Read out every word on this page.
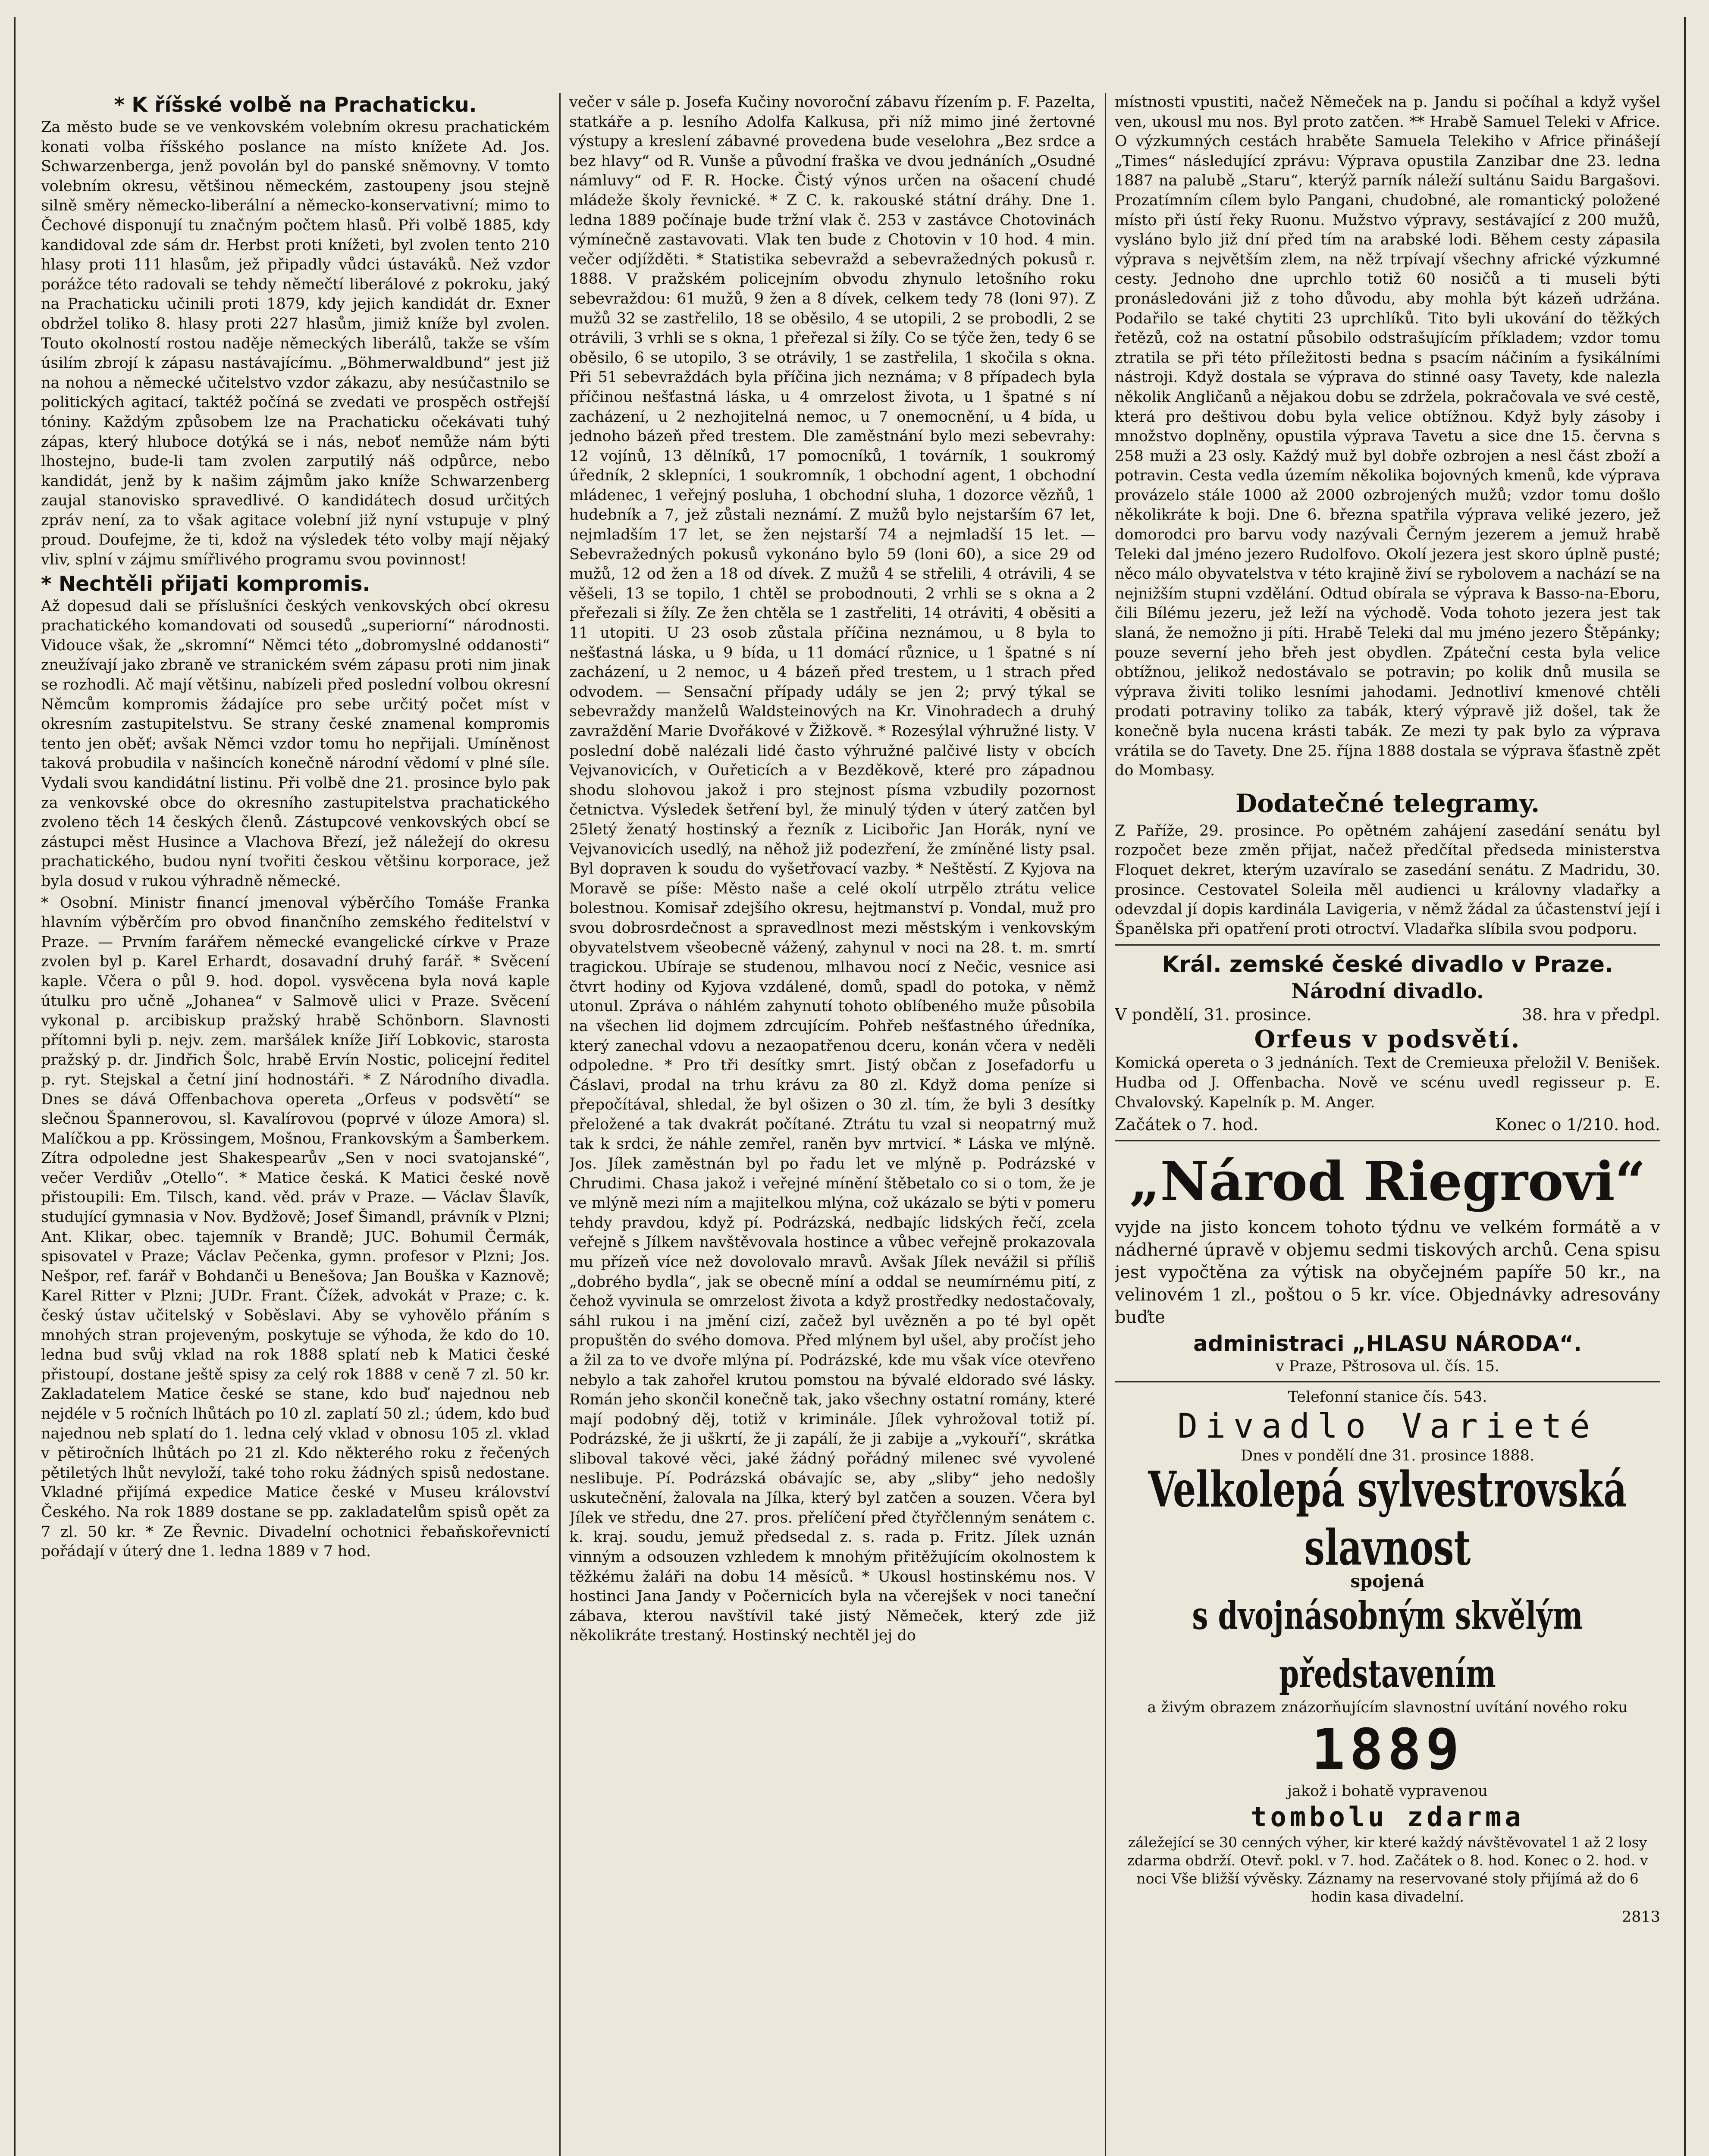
* K říšské volbě na Prachaticku.

Za město bude se ve venkovském volebním okresu prachatickém konati volba říšského poslance na místo knížete Ad. Jos. Schwarzenberga, jenž povolán byl do panské sněmovny. V tomto volebním okresu, většinou německém, zastoupeny jsou stejně silně směry německo-liberální a německo-konservativní; mimo to Čechové disponují tu značným počtem hlasů. Při volbě 1885, kdy kandidoval zde sám dr. Herbst proti knížeti, byl zvolen tento 210 hlasy proti 111 hlasům, jež připadly vůdci ústaváků. Než vzdor porážce této radovali se tehdy němečtí liberálové z pokroku, jaký na Prachaticku učinili proti 1879, kdy jejich kandidát dr. Exner obdržel toliko 8. hlasy proti 227 hlasům, jimiž kníže byl zvolen. Touto okolností rostou naděje německých liberálů, takže se vším úsilím zbrojí k zápasu nastávajícímu. „Böhmerwaldbund“ jest již na nohou a německé učitelstvo vzdor zákazu, aby nesúčastnilo se politických agitací, taktéž počíná se zvedati ve prospěch ostřejší tóniny. Každým způsobem lze na Prachaticku očekávati tuhý zápas, který hluboce dotýká se i nás, neboť nemůže nám býti lhostejno, bude-li tam zvolen zarputilý náš odpůrce, nebo kandidát, jenž by k našim zájmům jako kníže Schwarzenberg zaujal stanovisko spravedlivé. O kandidátech dosud určitých zpráv není, za to však agitace volební již nyní vstupuje v plný proud. Doufejme, že ti, kdož na výsledek této volby mají nějaký vliv, splní v zájmu smířlivého programu svou povinnost!

* Nechtěli přijati kompromis.

Až dopesud dali se příslušníci českých venkovských obcí okresu prachatického komandovati od sousedů „superiorní“ národnosti. Vidouce však, že „skromní“ Němci této „dobromyslné oddanosti“ zneužívají jako zbraně ve stranickém svém zápasu proti nim jinak se rozhodli. Ač mají většinu, nabízeli před poslední volbou okresní Němcům kompromis žádajíce pro sebe určitý počet míst v okresním zastupitelstvu. Se strany české znamenal kompromis tento jen oběť; avšak Němci vzdor tomu ho nepřijali. Umíněnost taková probudila v našincích konečně národní vědomí v plné síle. Vydali svou kandidátní listinu. Při volbě dne 21. prosince bylo pak za venkovské obce do okresního zastupitelstva prachatického zvoleno těch 14 českých členů. Zástupcové venkovských obcí se zástupci měst Husince a Vlachova Březí, jež náležejí do okresu prachatického, budou nyní tvořiti českou většinu korporace, jež byla dosud v rukou výhradně německé.

* Osobní. Ministr financí jmenoval výběrčího Tomáše Franka hlavním výběrčím pro obvod finančního zemského ředitelství v Praze. — Prvním farářem německé evangelické církve v Praze zvolen byl p. Karel Erhardt, dosavadní druhý farář. * Svěcení kaple. Včera o půl 9. hod. dopol. vysvěcena byla nová kaple útulku pro učně „Johanea“ v Salmově ulici v Praze. Svěcení vykonal p. arcibiskup pražský hrabě Schönborn. Slavnosti přítomni byli p. nejv. zem. maršálek kníže Jiří Lobkovic, starosta pražský p. dr. Jindřich Šolc, hrabě Ervín Nostic, policejní ředitel p. ryt. Stejskal a četní jiní hodnostáři. * Z Národního divadla. Dnes se dává Offenbachova opereta „Orfeus v podsvětí“ se slečnou Špannerovou, sl. Kavalírovou (poprvé v úloze Amora) sl. Malíčkou a pp. Krössingem, Mošnou, Frankovským a Šamberkem. Zítra odpoledne jest Shakespearův „Sen v noci svatojanské“, večer Verdiův „Otello“. * Matice česká. K Matici české nově přistoupili: Em. Tilsch, kand. věd. práv v Praze. — Václav Šlavík, studující gymnasia v Nov. Bydžově; Josef Šimandl, právník v Plzni; Ant. Klikar, obec. tajemník v Brandě; JUC. Bohumil Čermák, spisovatel v Praze; Václav Pečenka, gymn. profesor v Plzni; Jos. Nešpor, ref. farář v Bohdanči u Benešova; Jan Bouška v Kaznově; Karel Ritter v Plzni; JUDr. Frant. Čížek, advokát v Praze; c. k. český ústav učitelský v Soběslavi. Aby se vyhovělo přáním s mnohých stran projeveným, poskytuje se výhoda, že kdo do 10. ledna bud svůj vklad na rok 1888 splatí neb k Matici české přistoupí, dostane ještě spisy za celý rok 1888 v ceně 7 zl. 50 kr. Zakladatelem Matice české se stane, kdo buď najednou neb nejdéle v 5 ročních lhůtách po 10 zl. zaplatí 50 zl.; údem, kdo buď najednou neb splatí do 1. ledna celý vklad v obnosu 105 zl. vklad v pětiročních lhůtách po 21 zl. Kdo některého roku z řečených pětiletých lhůt nevyloží, také toho roku žádných spisů nedostane. Vkladné přijímá expedice Matice české v Museu království Českého. Na rok 1889 dostane se pp. zakladatelům spisů opět za 7 zl. 50 kr. * Ze Řevnic. Divadelní ochotnici řebaňskořevnictí pořádají v úterý dne 1. ledna 1889 v 7 hod.

večer v sále p. Josefa Kučiny novoroční zábavu řízením p. F. Pazelta, statkáře a p. lesního Adolfa Kalkusa, při níž mimo jiné žertovné výstupy a kreslení zábavné provedena bude veselohra „Bez srdce a bez hlavy“ od R. Vunše a původní fraška ve dvou jednáních „Osudné námluvy“ od F. R. Hocke. Čistý výnos určen na ošacení chudé mládeže školy řevnické. * Z C. k. rakouské státní dráhy. Dne 1. ledna 1889 počínaje bude tržní vlak č. 253 v zastávce Chotovinách výmínečně zastavovati. Vlak ten bude z Chotovin v 10 hod. 4 min. večer odjížděti. * Statistika sebevražd a sebevražedných pokusů r. 1888. V pražském policejním obvodu zhynulo letošního roku sebevraždou: 61 mužů, 9 žen a 8 dívek, celkem tedy 78 (loni 97). Z mužů 32 se zastřelilo, 18 se oběsilo, 4 se utopili, 2 se probodli, 2 se otrávili, 3 vrhli se s okna, 1 přeřezal si žíly. Co se týče žen, tedy 6 se oběsilo, 6 se utopilo, 3 se otrávily, 1 se zastřelila, 1 skočila s okna. Při 51 sebevraždách byla příčina jich neznáma; v 8 případech byla příčinou nešťastná láska, u 4 omrzelost života, u 1 špatné s ní zacházení, u 2 nezhojitelná nemoc, u 7 onemocnění, u 4 bída, u jednoho bázeň před trestem. Dle zaměstnání bylo mezi sebevrahy: 12 vojínů, 13 dělníků, 17 pomocníků, 1 továrník, 1 soukromý úředník, 2 sklepníci, 1 soukromník, 1 obchodní agent, 1 obchodní mládenec, 1 veřejný posluha, 1 obchodní sluha, 1 dozorce vězňů, 1 hudebník a 7, jež zůstali neznámí. Z mužů bylo nejstarším 67 let, nejmladším 17 let, se žen nejstarší 74 a nejmladší 15 let. — Sebevražedných pokusů vykonáno bylo 59 (loni 60), a sice 29 od mužů, 12 od žen a 18 od dívek. Z mužů 4 se střelili, 4 otrávili, 4 se věšeli, 13 se topilo, 1 chtěl se probodnouti, 2 vrhli se s okna a 2 přeřezali si žíly. Ze žen chtěla se 1 zastřeliti, 14 otráviti, 4 oběsiti a 11 utopiti. U 23 osob zůstala příčina neznámou, u 8 byla to nešťastná láska, u 9 bída, u 11 domácí různice, u 1 špatné s ní zacházení, u 2 nemoc, u 4 bázeň před trestem, u 1 strach před odvodem. — Sensační případy udály se jen 2; prvý týkal se sebevraždy manželů Waldsteinových na Kr. Vinohradech a druhý zavraždění Marie Dvořákové v Žižkově. * Rozesýlal výhružné listy. V poslední době nalézali lidé často výhružné palčivé listy v obcích Vejvanovicích, v Ouřeticích a v Bezděkově, které pro západnou shodu slohovou jakož i pro stejnost písma vzbudily pozornost četnictva. Výsledek šetření byl, že minulý týden v úterý zatčen byl 25letý ženatý hostinský a řezník z Licibořic Jan Horák, nyní ve Vejvanovicích usedlý, na něhož již podezření, že zmíněné listy psal. Byl dopraven k soudu do vyšetřovací vazby. * Neštěstí. Z Kyjova na Moravě se píše: Město naše a celé okolí utrpělo ztrátu velice bolestnou. Komisař zdejšího okresu, hejtmanství p. Vondal, muž pro svou dobrosrdečnost a spravedlnost mezi městským i venkovským obyvatelstvem všeobecně vážený, zahynul v noci na 28. t. m. smrtí tragickou. Ubíraje se studenou, mlhavou nocí z Nečic, vesnice asi čtvrt hodiny od Kyjova vzdálené, domů, spadl do potoka, v němž utonul. Zpráva o náhlém zahynutí tohoto oblíbeného muže působila na všechen lid dojmem zdrcujícím. Pohřeb nešťastného úředníka, který zanechal vdovu a nezaopatřenou dceru, konán včera v neděli odpoledne. * Pro tři desítky smrt. Jistý občan z Josefadorfu u Čáslavi, prodal na trhu krávu za 80 zl. Když doma peníze si přepočítával, shledal, že byl ošizen o 30 zl. tím, že byli 3 desítky přeložené a tak dvakrát počítané. Ztrátu tu vzal si neopatrný muž tak k srdci, že náhle zemřel, raněn byv mrtvicí. * Láska ve mlýně. Jos. Jílek zaměstnán byl po řadu let ve mlýně p. Podrázské v Chrudimi. Chasa jakož i veřejné mínění štěbetalo co si o tom, že je ve mlýně mezi ním a majitelkou mlýna, což ukázalo se býti v pomeru tehdy pravdou, když pí. Podrázská, nedbajíc lidských řečí, zcela veřejně s Jílkem navštěvovala hostince a vůbec veřejně prokazovala mu přízeň více než dovolovalo mravů. Avšak Jílek nevážil si příliš „dobrého bydla“, jak se obecně míní a oddal se neumírnému pití, z čehož vyvinula se omrzelost života a když prostředky nedostačovaly, sáhl rukou i na jmění cizí, začež byl uvězněn a po té byl opět propuštěn do svého domova. Před mlýnem byl ušel, aby pročíst jeho a žil za to ve dvoře mlýna pí. Podrázské, kde mu však více otevřeno nebylo a tak zahořel krutou pomstou na bývalé eldorado své lásky. Román jeho skončil konečně tak, jako všechny ostatní romány, které mají podobný děj, totiž v kriminále. Jílek vyhrožoval totiž pí. Podrázské, že ji uškrtí, že ji zapálí, že ji zabije a „vykouří“, skrátka sliboval takové věci, jaké žádný pořádný milenec své vyvolené neslibuje. Pí. Podrázská obávajíc se, aby „sliby“ jeho nedošly uskutečnění, žalovala na Jílka, který byl zatčen a souzen. Včera byl Jílek ve středu, dne 27. pros. přelíčení před čtyřčlenným senátem c. k. kraj. soudu, jemuž předsedal z. s. rada p. Fritz. Jílek uznán vinným a odsouzen vzhledem k mnohým přitěžujícím okolnostem k těžkému žaláři na dobu 14 měsíců. * Ukousl hostinskému nos. V hostinci Jana Jandy v Počernicích byla na včerejšek v noci taneční zábava, kterou navštívil také jistý Němeček, který zde již několikráte trestaný. Hostinský nechtěl jej do

místnosti vpustiti, načež Němeček na p. Jandu si počíhal a když vyšel ven, ukousl mu nos. Byl proto zatčen. ** Hrabě Samuel Teleki v Africe. O výzkumných cestách hraběte Samuela Telekiho v Africe přinášejí „Times“ následující zprávu: Výprava opustila Zanzibar dne 23. ledna 1887 na palubě „Staru“, kterýž parník náleží sultánu Saidu Bargašovi. Prozatímním cílem bylo Pangani, chudobné, ale romantický položené místo při ústí řeky Ruonu. Mužstvo výpravy, sestávající z 200 mužů, vysláno bylo již dní před tím na arabské lodi. Během cesty zápasila výprava s největším zlem, na něž trpívají všechny africké výzkumné cesty. Jednoho dne uprchlo totiž 60 nosičů a ti museli býti pronásledováni již z toho důvodu, aby mohla být kázeň udržána. Podařilo se také chytiti 23 uprchlíků. Tito byli ukování do těžkých řetězů, což na ostatní působilo odstrašujícím příkladem; vzdor tomu ztratila se při této příležitosti bedna s psacím náčiním a fysikálními nástroji. Když dostala se výprava do stinné oasy Tavety, kde nalezla několik Angličanů a nějakou dobu se zdržela, pokračovala ve své cestě, která pro deštivou dobu byla velice obtížnou. Když byly zásoby i množstvo doplněny, opustila výprava Tavetu a sice dne 15. června s 258 muži a 23 osly. Každý muž byl dobře ozbrojen a nesl část zboží a potravin. Cesta vedla územím několika bojovných kmenů, kde výprava provázelo stále 1000 až 2000 ozbrojených mužů; vzdor tomu došlo několikráte k boji. Dne 6. března spatřila výprava veliké jezero, jež domorodci pro barvu vody nazývali Černým jezerem a jemuž hrabě Teleki dal jméno jezero Rudolfovo. Okolí jezera jest skoro úplně pusté; něco málo obyvatelstva v této krajině živí se rybolovem a nachází se na nejnižším stupni vzdělání. Odtud obírala se výprava k Basso-na-Eboru, čili Bílému jezeru, jež leží na východě. Voda tohoto jezera jest tak slaná, že nemožno ji píti. Hrabě Teleki dal mu jméno jezero Štěpánky; pouze severní jeho břeh jest obydlen. Zpáteční cesta byla velice obtížnou, jelikož nedostávalo se potravin; po kolik dnů musila se výprava živiti toliko lesními jahodami. Jednotliví kmenové chtěli prodati potraviny toliko za tabák, který výpravě již došel, tak že konečně byla nucena krásti tabák. Ze mezi ty pak bylo za výprava vrátila se do Tavety. Dne 25. října 1888 dostala se výprava šťastně zpět do Mombasy.

Dodatečné telegramy.

Z Paříže, 29. prosince. Po opětném zahájení zasedání senátu byl rozpočet beze změn přijat, načež předčítal předseda ministerstva Floquet dekret, kterým uzavíralo se zasedání senátu. Z Madridu, 30. prosince. Cestovatel Soleila měl audienci u královny vladařky a odevzdal jí dopis kardinála Lavigeria, v němž žádal za účastenství její i Španělska při opatření proti otroctví. Vladařka slíbila svou podporu.

Král. zemské české divadlo v Praze.
Národní divadlo.
V pondělí, 31. prosince.	38. hra v předpl.
Orfeus v podsvětí.

Komická opereta o 3 jednáních. Text de Cremieuxa přeložil V. Benišek. Hudba od J. Offenbacha. Nově ve scénu uvedl regisseur p. E. Chvalovský. Kapelník p. M. Anger.

Začátek o 7. hod.	Konec o 1/210. hod.
„Národ Riegrovi“

vyjde na jisto koncem tohoto týdnu ve velkém formátě a v nádherné úpravě v objemu sedmi tiskových archů. Cena spisu jest vypočtěna za výtisk na obyčejném papíře 50 kr., na velinovém 1 zl., poštou o 5 kr. více. Objednávky adresovány buďte

administraci „HLASU NÁRODA“.
v Praze, Pštrosova ul. čís. 15.
Telefonní stanice čís. 543.
Divadlo Varieté
Dnes v pondělí dne 31. prosince 1888.
Velkolepá sylvestrovská slavnost
spojená
s dvojnásobným skvělým představením
a živým obrazem znázorňujícím slavnostní uvítání nového roku
1889
jakož i bohatě vypravenou
tombolu zdarma

záležející se 30 cenných výher, kir které každý návštěvovatel 1 až 2 losy zdarma obdrží. Otevř. pokl. v 7. hod. Začátek o 8. hod. Konec o 2. hod. v noci Vše bližší vývěsky. Záznamy na reservované stoly přijímá až do 6 hodin kasa divadelní.

2813
